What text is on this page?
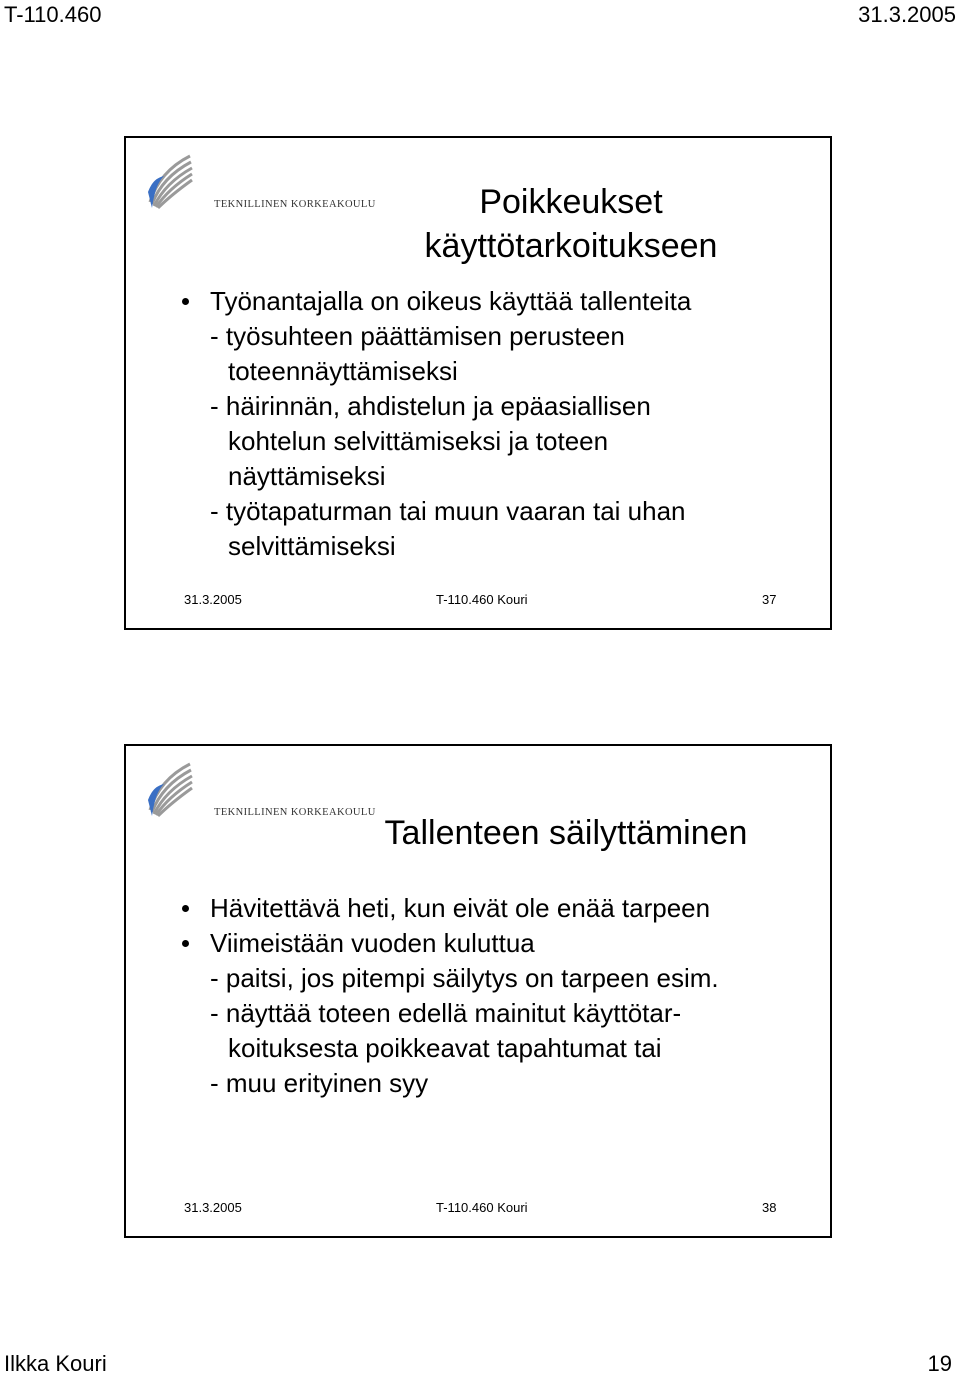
T-110.460	31.3.2005
TEKNILLINEN KORKEAKOULU	Poikkeukset
käyttötarkoitukseen
Työnantajalla on oikeus käyttää tallenteita
- työsuhteen päättämisen perusteen
toteennäyttämiseksi
- häirinnän, ahdistelun ja epäasiallisen
kohtelun selvittämiseksi ja toteen
näyttämiseksi
- työtapaturman tai muun vaaran tai uhan
selvittämiseksi
31.3.2005	T-110.460 Kouri	37
TEKNILLINEN KORKEAKOULU
Tallenteen säilyttäminen
Hävitettävä heti, kun eivät ole enää tarpeen
Viimeistään vuoden kuluttua
- paitsi, jos pitempi säilytys on tarpeen esim.
- näyttää toteen edellä mainitut käyttötar-
koituksesta poikkeavat tapahtumat tai
- muu erityinen syy
31.3.2005	T-110.460 Kouri	38
Ilkka Kouri	19
